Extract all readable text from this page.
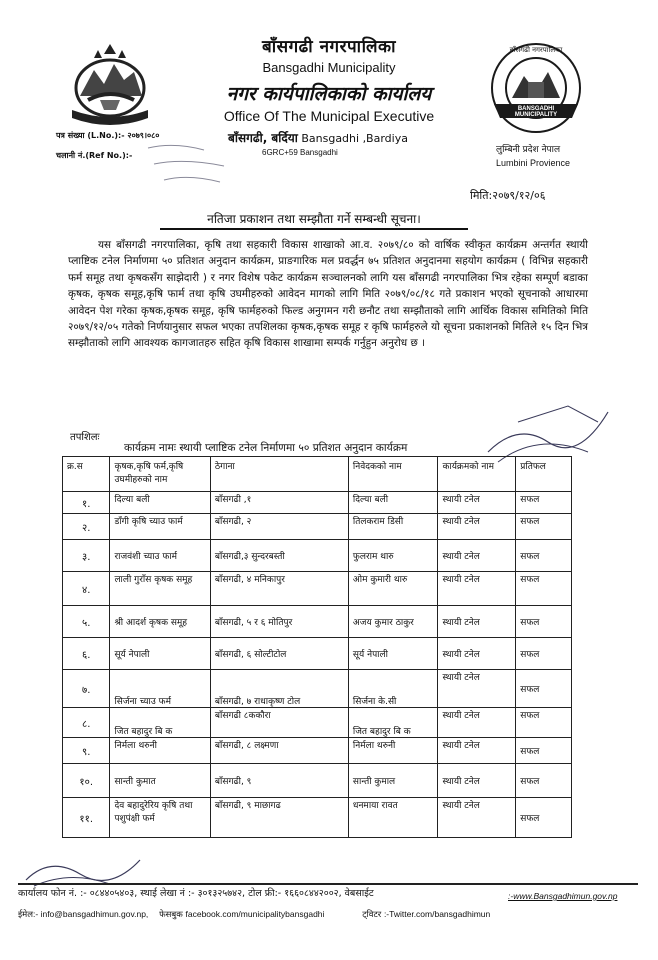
बाँसगढी नगरपालिका
BANSGADHI MUNICIPALITY
बाँसगढी नगरपालिका
Bansgadhi Municipality
नगर कार्यपालिकाको कार्यालय
Office Of The Municipal Executive
बाँसगढी, बर्दिया Bansgadhi ,Bardiya
6GRC+59 Bansgadhi
पत्र संख्या (L.No.):- २०७९।०८०
चलानी नं.(Ref No.):-
लुम्बिनी प्रदेश नेपाल
Lumbini Provience
मिति:२०७९/१२/०६
नतिजा प्रकाशन तथा सम्झौता गर्ने सम्बन्धी सूचना।
यस बाँसगढी नगरपालिका, कृषि तथा सहकारी विकास शाखाको आ.व. २०७९/८० को वार्षिक स्वीकृत कार्यक्रम अन्तर्गत स्थायी प्लाष्टिक टनेल निर्माणमा ५० प्रतिशत अनुदान कार्यक्रम, प्राङगारिक मल प्रवर्द्धन ७५ प्रतिशत अनुदानमा सहयोग कार्यक्रम ( विभिन्न सहकारी फर्म समूह तथा कृषकसँग साझेदारी ) र नगर विशेष पकेट कार्यक्रम सञ्चालनको लागि यस बाँसगढी नगरपालिका भित्र रहेका सम्पूर्ण बडाका कृषक, कृषक समूह,कृषि फार्म तथा कृषि उघमीहरुको आवेदन मागको लागि मिति २०७९/०८/१८ गते प्रकाशन भएको सूचनाको आधारमा आवेदन पेश गरेका कृषक,कृषक समूह, कृषि फार्महरुको फिल्ड अनुगमन गरी छनौट तथा सम्झौताको लागि आर्थिक विकास समितिको मिति २०७९/१२/०५ गतेको निर्णयानुसार सफल भएका तपशिलका कृषक,कृषक समूह र कृषि फार्महरुले यो सूचना प्रकाशनको मितिले १५ दिन भित्र सम्झौताको लागि आवश्यक कागजातहरु सहित कृषि विकास शाखामा सम्पर्क गर्नुहुन अनुरोध छ ।
तपशिलः
कार्यक्रम नामः स्थायी प्लाष्टिक टनेल निर्माणमा ५० प्रतिशत अनुदान कार्यक्रम
क्र.स	कृषक,कृषि फर्म,कृषि उघमीहरुको नाम	ठेगाना	निवेदकको नाम	कार्यक्रमको नाम	प्रतिफल
१.	दिल्या बली	बाँसगढी ,१	दिल्या बली	स्थायी टनेल	सफल
२.	डाँगी कृषि च्याउ फार्म	बाँसगढी, २	तिलकराम डिसी	स्थायी टनेल	सफल
३.	राजवंशी च्याउ फार्म	बाँसगढी,३ सुन्दरबस्ती	फुलराम थारु	स्थायी टनेल	सफल
४.	लाली गुराँस कृषक समूह	बाँसगढी, ४ मनिकापुर	ओम कुमारी थारु	स्थायी टनेल	सफल
५.	श्री आदर्श कृषक समूह	बाँसगढी, ५ र ६ मोतिपुर	अजय कुमार ठाकुर	स्थायी टनेल	सफल
६.	सूर्य नेपाली	बाँसगढी, ६ सोल्टीटोल	सूर्य नेपाली	स्थायी टनेल	सफल
७.	सिर्जना च्याउ फर्म	बाँसगढी, ७ राधाकृष्ण टोल	सिर्जना के.सी	स्थायी टनेल	सफल
८.	जित बहादुर बि क	बाँसगढी ८ककौरा	जित बहादुर बि क	स्थायी टनेल	सफल
९.	निर्मला थरुनी	बाँसगढी, ८ लक्ष्मणा	निर्मला थरुनी	स्थायी टनेल	सफल
१०.	सान्ती कुमात	बाँसगढी, ९	सान्ती कुमाल	स्थायी टनेल	सफल
११.	देव बहादुरेरिय कृषि तथा पशुपंक्षी फर्म	बाँसगढी, ९ माछागढ	धनमाया रावत	स्थायी टनेल	सफल
कार्यालय फोन नं. :- ०८४४०५४०३, स्थाई लेखा नं :- ३०१३२५७४२, टोल फ्री:- १६६०८४४२००२, वेबसाईट	:-www.Bansgadhimun.gov.np
ईमेल:- info@bansgadhimun.gov.np, फेसबुक facebook.com/municipalitybansgadhi	ट्विटर :-Twitter.com/bansgadhimun
